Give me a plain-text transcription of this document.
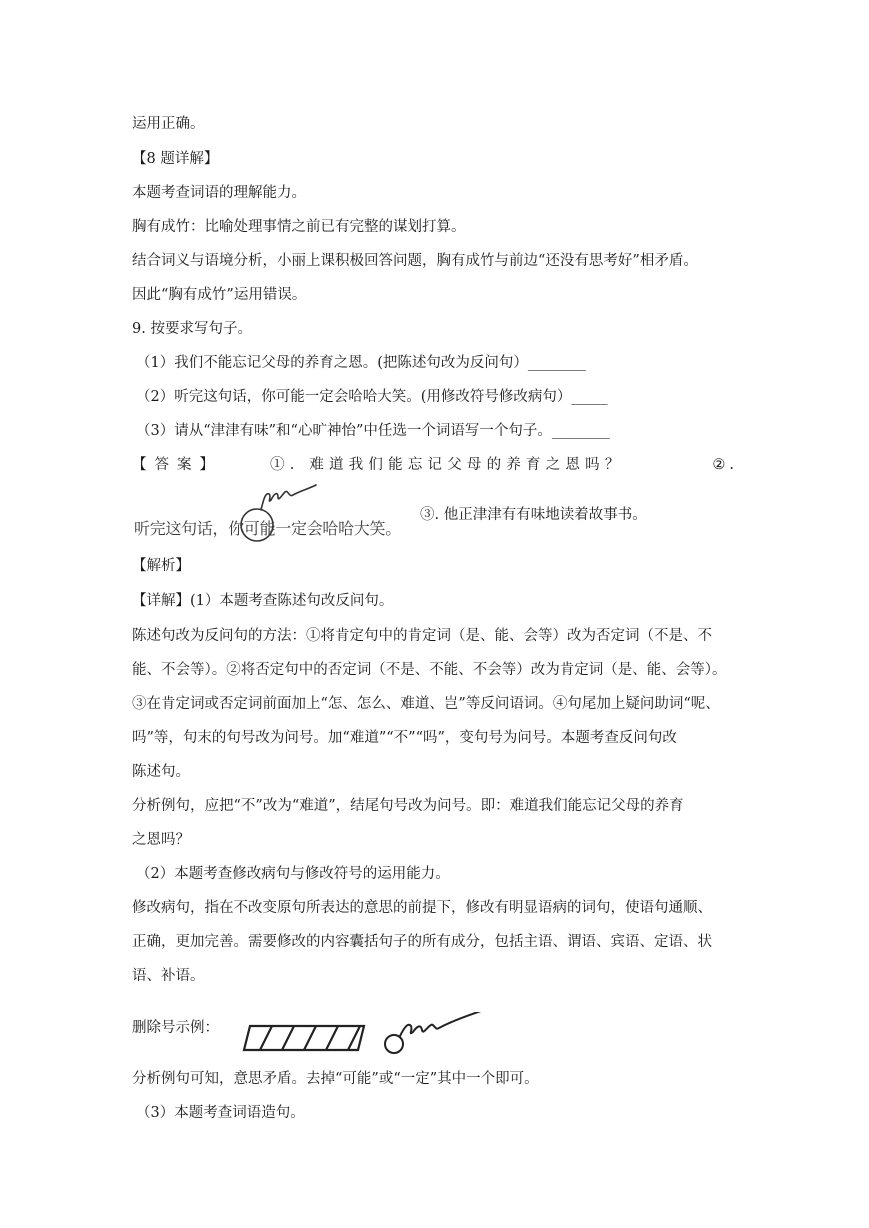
运用正确。
【8 题详解】
本题考查词语的理解能力。
胸有成竹：比喻处理事情之前已有完整的谋划打算。
结合词义与语境分析，小丽上课积极回答问题，胸有成竹与前边“还没有思考好”相矛盾。
因此“胸有成竹”运用错误。
9. 按要求写句子。
（1）我们不能忘记父母的养育之恩。(把陈述句改为反问句）________
（2）听完这句话，你可能一定会哈哈大笑。(用修改符号修改病句）_____
（3）请从“津津有味”和“心旷神怡”中任选一个词语写一个句子。________
【答案】	①. 难道我们能忘记父母的养育之恩吗？	②.
听完这句话，你可能一定会哈哈大笑。
③. 他正津津有有味地读着故事书。
【解析】
【详解】(1）本题考查陈述句改反问句。
陈述句改为反问句的方法：①将肯定句中的肯定词（是、能、会等）改为否定词（不是、不
能、不会等）。②将否定句中的否定词（不是、不能、不会等）改为肯定词（是、能、会等）。
③在肯定词或否定词前面加上“怎、怎么、难道、岂”等反问语词。④句尾加上疑问助词“呢、
吗”等，句末的句号改为问号。加“难道”“不”“吗”，变句号为问号。本题考查反问句改
陈述句。
分析例句，应把“不”改为“难道”，结尾句号改为问号。即：难道我们能忘记父母的养育
之恩吗？
（2）本题考查修改病句与修改符号的运用能力。
修改病句，指在不改变原句所表达的意思的前提下，修改有明显语病的词句，使语句通顺、
正确，更加完善。需要修改的内容囊括句子的所有成分，包括主语、谓语、宾语、定语、状
语、补语。
删除号示例：
分析例句可知，意思矛盾。去掉“可能”或“一定”其中一个即可。
（3）本题考查词语造句。
